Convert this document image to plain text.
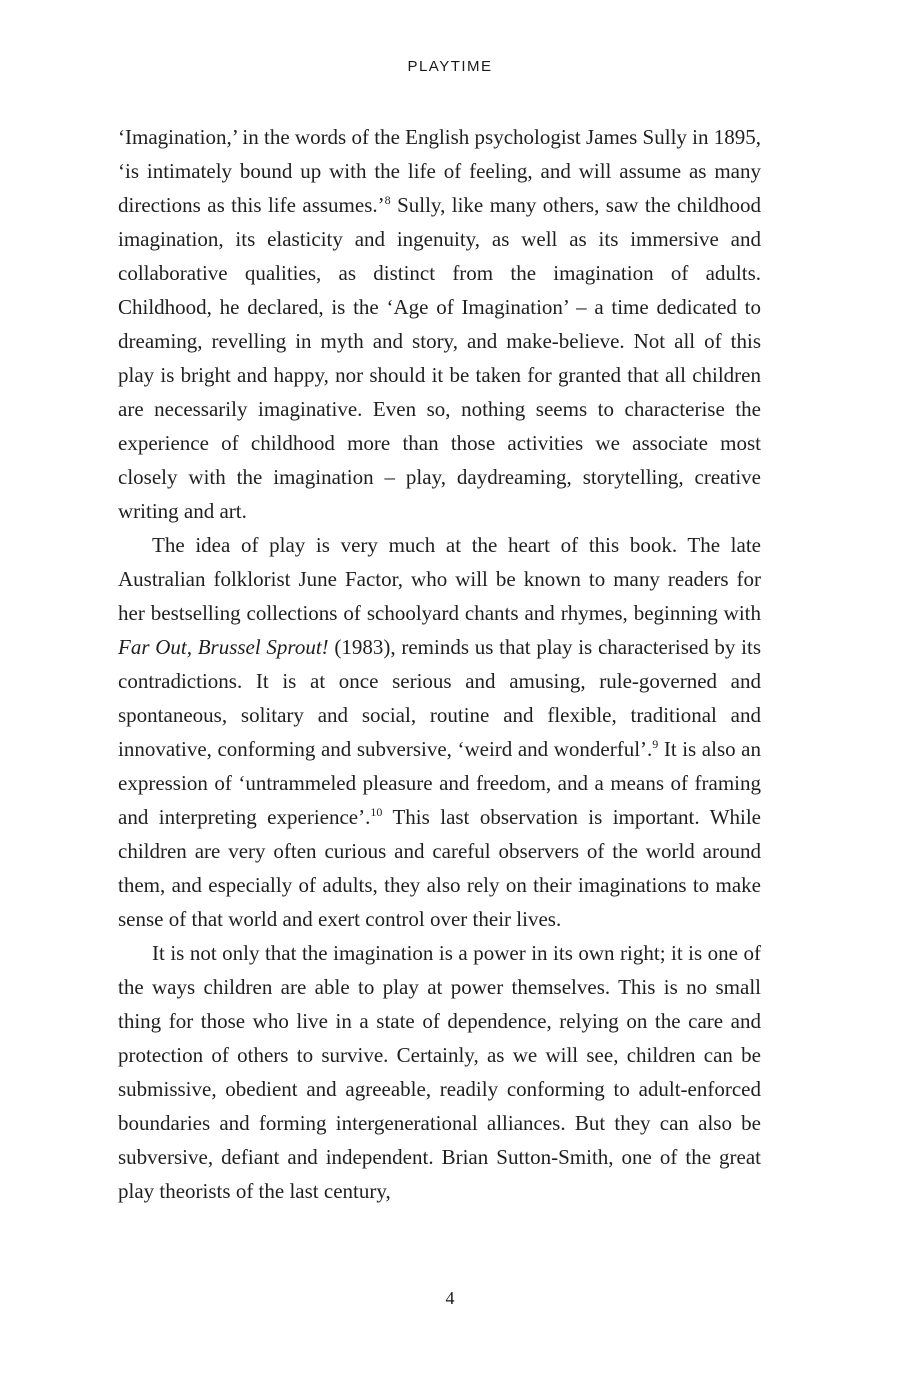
PLAYTIME

‘Imagination,’ in the words of the English psychologist James Sully in 1895, ‘is intimately bound up with the life of feeling, and will assume as many directions as this life assumes.’$^8$ Sully, like many others, saw the childhood imagination, its elasticity and ingenuity, as well as its immersive and collaborative qualities, as distinct from the imagination of adults. Childhood, he declared, is the ‘Age of Imagination’ – a time dedicated to dreaming, revelling in myth and story, and make-believe. Not all of this play is bright and happy, nor should it be taken for granted that all children are necessarily imaginative. Even so, nothing seems to characterise the experience of childhood more than those activities we associate most closely with the imagination – play, daydreaming, storytelling, creative writing and art.

The idea of play is very much at the heart of this book. The late Australian folklorist June Factor, who will be known to many readers for her bestselling collections of schoolyard chants and rhymes, beginning with Far Out, Brussel Sprout! (1983), reminds us that play is characterised by its contradictions. It is at once serious and amusing, rule-governed and spontaneous, solitary and social, routine and flexible, traditional and innovative, conforming and subversive, ‘weird and wonderful’.$^9$ It is also an expression of ‘untrammeled pleasure and freedom, and a means of framing and interpreting experience’.$^{10}$ This last observation is important. While children are very often curious and careful observers of the world around them, and especially of adults, they also rely on their imaginations to make sense of that world and exert control over their lives.

It is not only that the imagination is a power in its own right; it is one of the ways children are able to play at power themselves. This is no small thing for those who live in a state of dependence, relying on the care and protection of others to survive. Certainly, as we will see, children can be submissive, obedient and agreeable, readily conforming to adult-enforced boundaries and forming intergenerational alliances. But they can also be subversive, defiant and independent. Brian Sutton-Smith, one of the great play theorists of the last century,

4
